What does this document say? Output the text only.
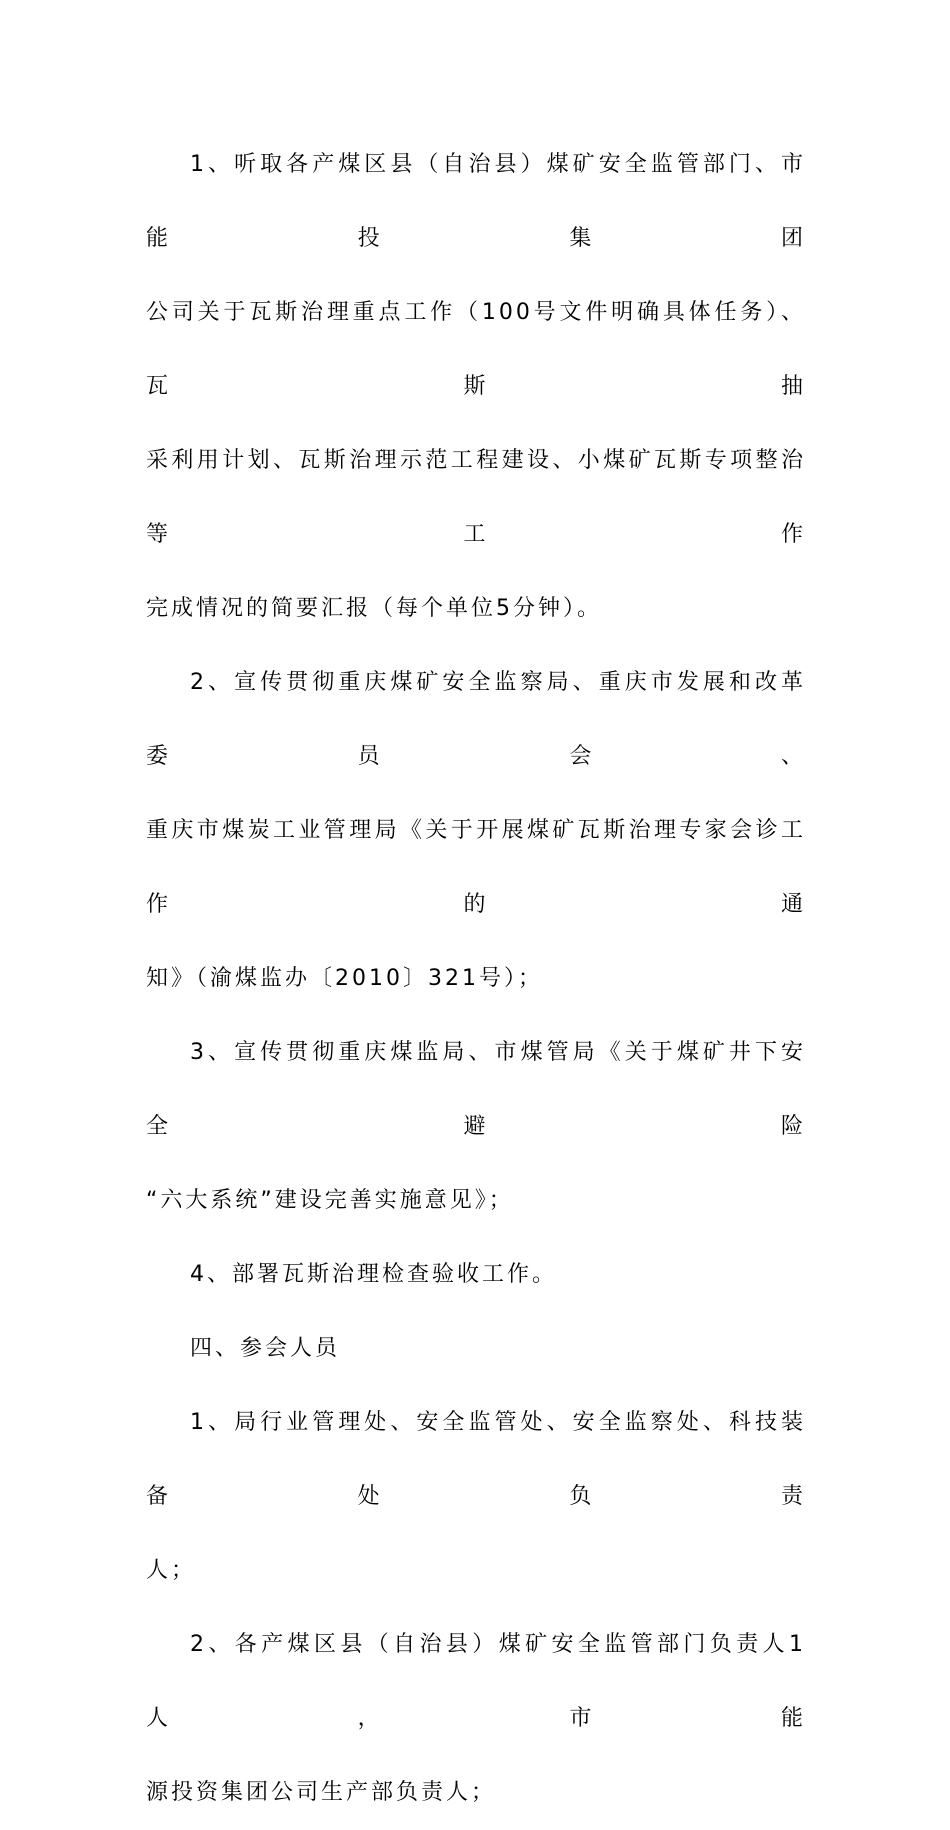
1、听取各产煤区县（自治县）煤矿安全监管部门、市能投集团
公司关于瓦斯治理重点工作（100号文件明确具体任务）、瓦斯抽
采利用计划、瓦斯治理示范工程建设、小煤矿瓦斯专项整治等工作
完成情况的简要汇报（每个单位5分钟）。

2、宣传贯彻重庆煤矿安全监察局、重庆市发展和改革委员会、
重庆市煤炭工业管理局《关于开展煤矿瓦斯治理专家会诊工作的通
知》（渝煤监办〔2010〕321号）；

3、宣传贯彻重庆煤监局、市煤管局《关于煤矿井下安全避险
“六大系统”建设完善实施意见》；

4、部署瓦斯治理检查验收工作。

四、参会人员

1、局行业管理处、安全监管处、安全监察处、科技装备处负责
人；

2、各产煤区县（自治县）煤矿安全监管部门负责人1人，市能
源投资集团公司生产部负责人；
